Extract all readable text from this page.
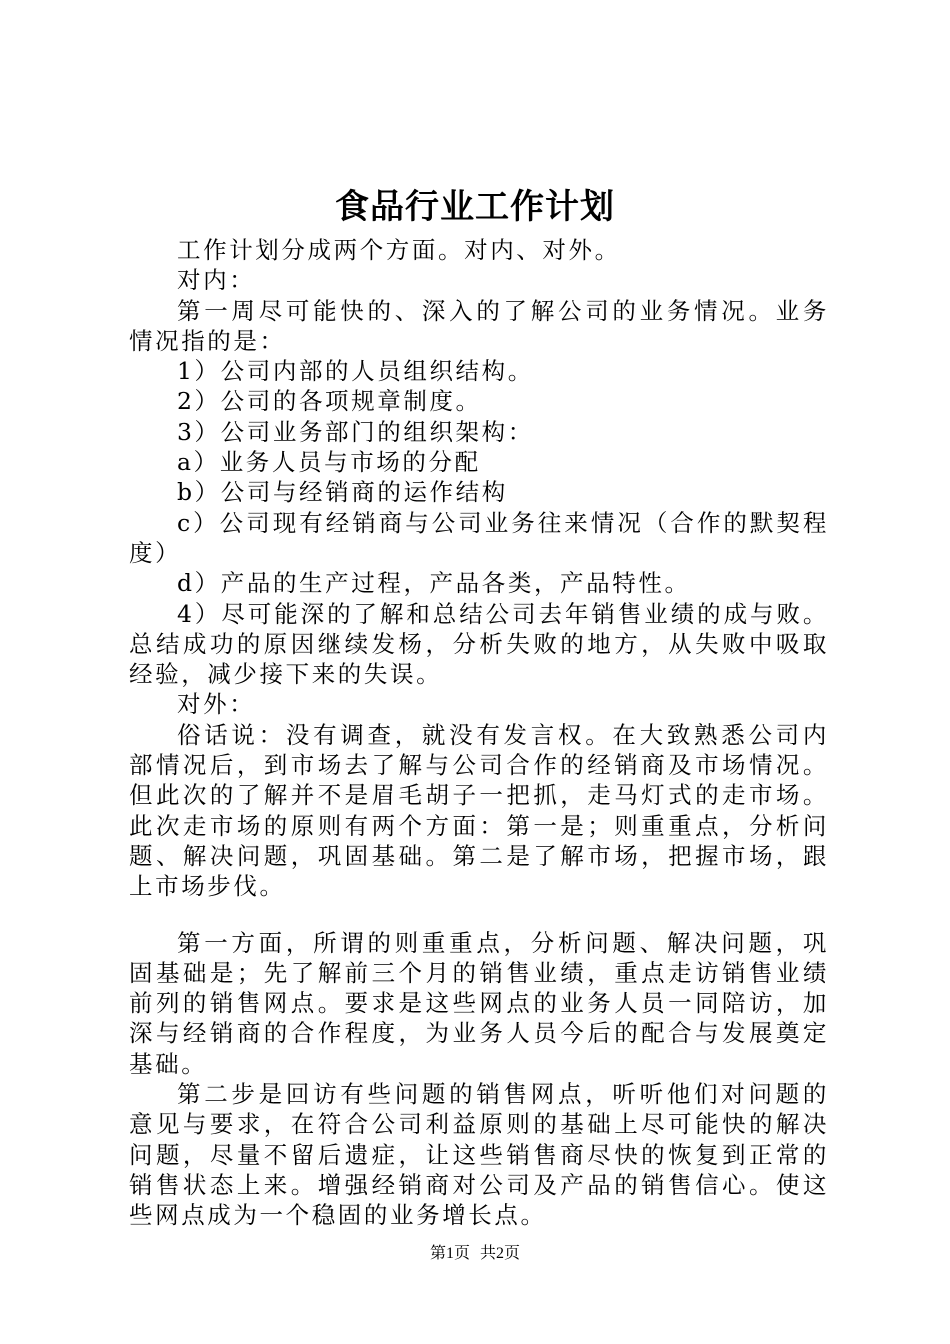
食品行业工作计划

工作计划分成两个方面。对内、对外。

对内：

第一周尽可能快的、深入的了解公司的业务情况。业务情况指的是：

1）公司内部的人员组织结构。

2）公司的各项规章制度。

3）公司业务部门的组织架构：

a）业务人员与市场的分配

b）公司与经销商的运作结构

c）公司现有经销商与公司业务往来情况（合作的默契程度）

d）产品的生产过程，产品各类，产品特性。

4）尽可能深的了解和总结公司去年销售业绩的成与败。总结成功的原因继续发杨，分析失败的地方，从失败中吸取经验，减少接下来的失误。

对外：

俗话说：没有调查，就没有发言权。在大致熟悉公司内部情况后，到市场去了解与公司合作的经销商及市场情况。但此次的了解并不是眉毛胡子一把抓，走马灯式的走市场。此次走市场的原则有两个方面：第一是；则重重点，分析问题、解决问题，巩固基础。第二是了解市场，把握市场，跟上市场步伐。

第一方面，所谓的则重重点，分析问题、解决问题，巩固基础是；先了解前三个月的销售业绩，重点走访销售业绩前列的销售网点。要求是这些网点的业务人员一同陪访，加深与经销商的合作程度，为业务人员今后的配合与发展奠定基础。

第二步是回访有些问题的销售网点，听听他们对问题的意见与要求，在符合公司利益原则的基础上尽可能快的解决问题，尽量不留后遗症，让这些销售商尽快的恢复到正常的销售状态上来。增强经销商对公司及产品的销售信心。使这些网点成为一个稳固的业务增长点。

第1页 共2页
